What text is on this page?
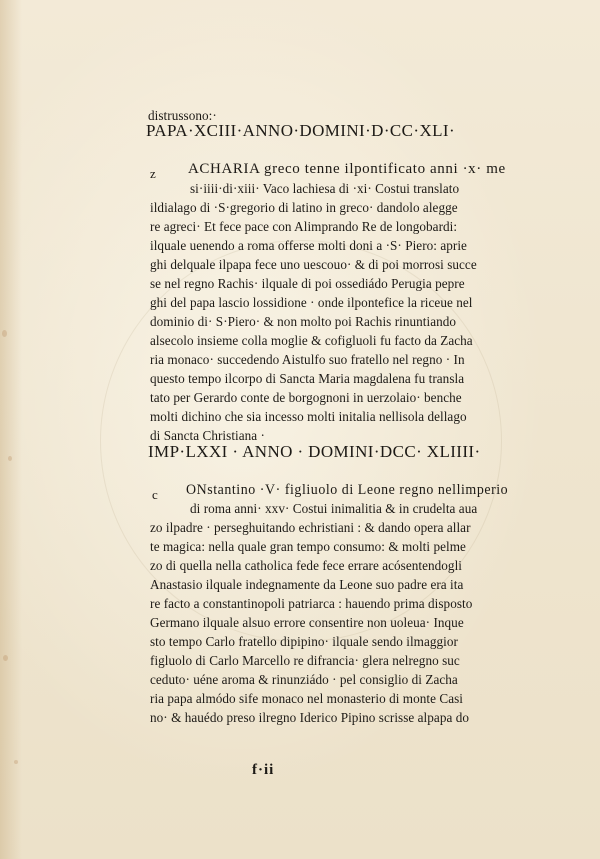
distrussono:·
PAPA·XCIII·ANNO·DOMINI·D·CC·XLI·
z ACHARIA greco tenne ilpontificato anni ·x· me
si·iiii·di·xiii· Vaco lachiesa di ·xi· Costui translato
ildialago di ·S·gregorio di latino in greco· dandolo alegge
re agreci· Et fece pace con Alimprando Re de longobardi:
ilquale uenendo a roma offerse molti doni a ·S· Piero: aprie
ghi delquale ilpapa fece uno uescouo· & di poi morrosi succe
se nel regno Rachis· ilquale di poi ossediádo Perugia pepre
ghi del papa lascio lossidione · onde ilpontefice la riceue nel
dominio di· S·Piero· & non molto poi Rachis rinuntiando
alsecolo insieme colla moglie & cofigluoli fu facto da Zacha
ria monaco· succedendo Aistulfo suo fratello nel regno · In
questo tempo ilcorpo di Sancta Maria magdalena fu transla
tato per Gerardo conte de borgognoni in uerzolaio· benche
molti dichino che sia incesso molti initalia nellisola dellago
di Sancta Christiana ·
IMP·LXXI · ANNO · DOMINI·DCC· XLIIII·
c ONstantino ·V· figliuolo di Leone regno nellimperio
di roma anni· xxv· Costui inimalitia & in crudelta aua
zo ilpadre · perseghuitando echristiani : & dando opera allar
te magica: nella quale gran tempo consumo: & molti pelme
zo di quella nella catholica fede fece errare acósentendogli
Anastasio ilquale indegnamente da Leone suo padre era ita
re facto a constantinopoli patriarca : hauendo prima disposto
Germano ilquale alsuo errore consentire non uoleua· Inque
sto tempo Carlo fratello dipipino· ilquale sendo ilmaggior
figluolo di Carlo Marcello re difrancia· glera nelregno suc
ceduto· uéne aroma & rinunziádo · pel consiglio di Zacha
ria papa almódo sife monaco nel monasterio di monte Casi
no· & hauédo preso ilregno Iderico Pipino scrisse alpapa do
f·ii
